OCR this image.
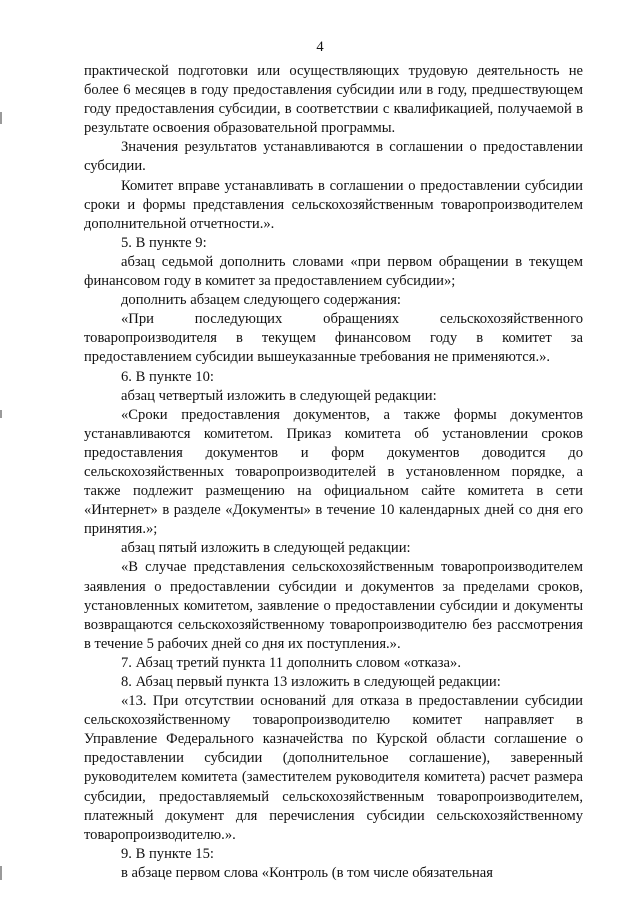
4

практической подготовки или осуществляющих трудовую деятельность не более 6 месяцев в году предоставления субсидии или в году, предшествующем году предоставления субсидии, в соответствии с квалификацией, получаемой в результате освоения образовательной программы.

Значения результатов устанавливаются в соглашении о предоставлении субсидии.

Комитет вправе устанавливать в соглашении о предоставлении субсидии сроки и формы представления сельскохозяйственным товаропроизводителем дополнительной отчетности.».

5. В пункте 9:

абзац седьмой дополнить словами «при первом обращении в текущем финансовом году в комитет за предоставлением субсидии»;

дополнить абзацем следующего содержания:

«При последующих обращениях сельскохозяйственного товаропроизводителя в текущем финансовом году в комитет за предоставлением субсидии вышеуказанные требования не применяются.».

6. В пункте 10:

абзац четвертый изложить в следующей редакции:

«Сроки предоставления документов, а также формы документов устанавливаются комитетом. Приказ комитета об установлении сроков предоставления документов и форм документов доводится до сельскохозяйственных товаропроизводителей в установленном порядке, а также подлежит размещению на официальном сайте комитета в сети «Интернет» в разделе «Документы» в течение 10 календарных дней со дня его принятия.»;

абзац пятый изложить в следующей редакции:

«В случае представления сельскохозяйственным товаропроизводителем заявления о предоставлении субсидии и документов за пределами сроков, установленных комитетом, заявление о предоставлении субсидии и документы возвращаются сельскохозяйственному товаропроизводителю без рассмотрения в течение 5 рабочих дней со дня их поступления.».

7. Абзац третий пункта 11 дополнить словом «отказа».

8. Абзац первый пункта 13 изложить в следующей редакции:

«13. При отсутствии оснований для отказа в предоставлении субсидии сельскохозяйственному товаропроизводителю комитет направляет в Управление Федерального казначейства по Курской области соглашение о предоставлении субсидии (дополнительное соглашение), заверенный руководителем комитета (заместителем руководителя комитета) расчет размера субсидии, предоставляемый сельскохозяйственным товаропроизводителем, платежный документ для перечисления субсидии сельскохозяйственному товаропроизводителю.».

9. В пункте 15:

в абзаце первом слова «Контроль (в том числе обязательная
